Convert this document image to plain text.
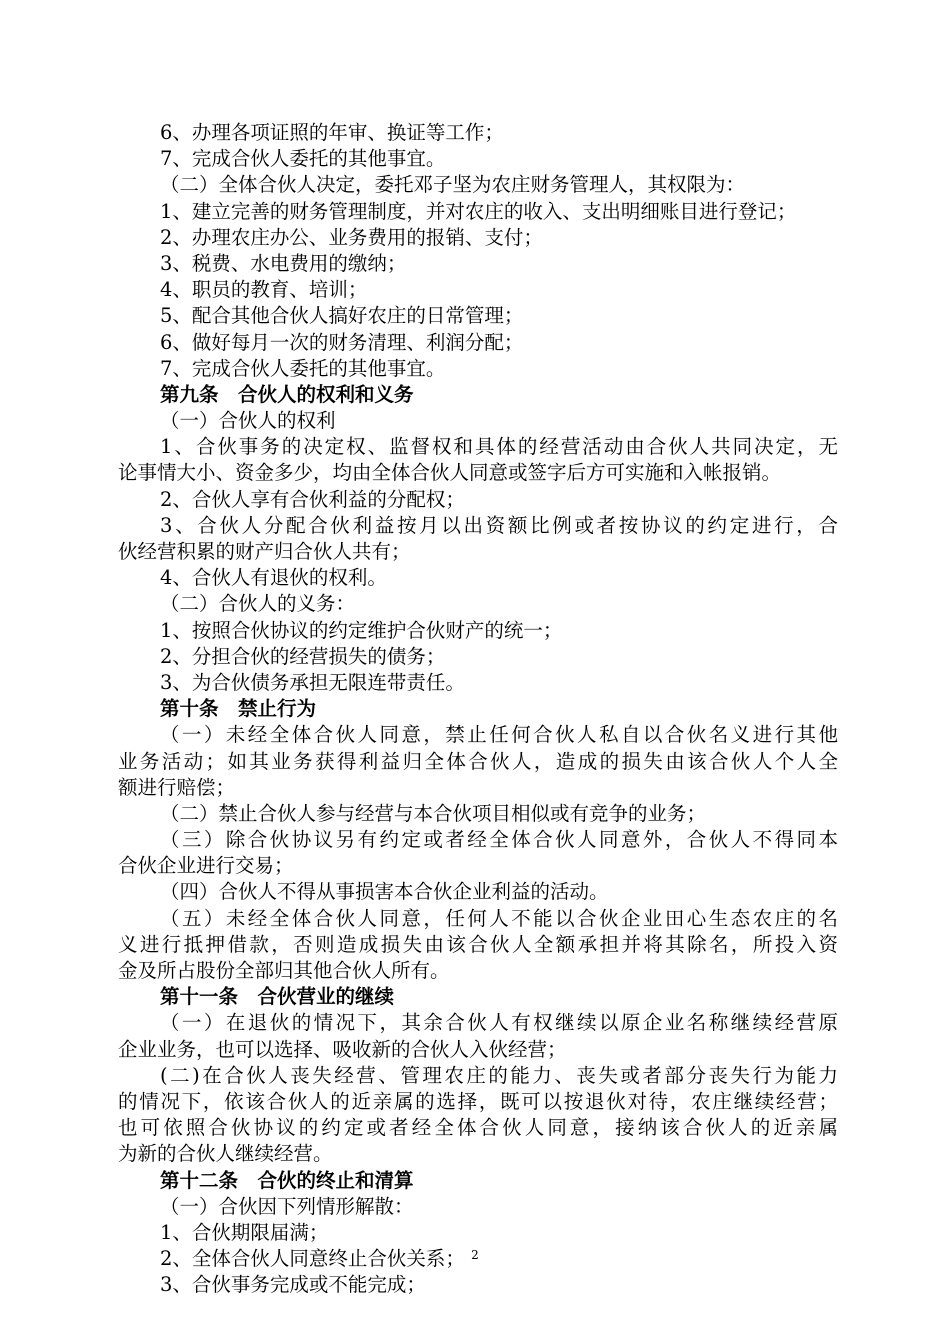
6、办理各项证照的年审、换证等工作；
7、完成合伙人委托的其他事宜。
（二）全体合伙人决定，委托邓子坚为农庄财务管理人，其权限为：
1、建立完善的财务管理制度，并对农庄的收入、支出明细账目进行登记；
2、办理农庄办公、业务费用的报销、支付；
3、税费、水电费用的缴纳；
4、职员的教育、培训；
5、配合其他合伙人搞好农庄的日常管理；
6、做好每月一次的财务清理、利润分配；
7、完成合伙人委托的其他事宜。
第九条　合伙人的权利和义务
（一）合伙人的权利
1、合伙事务的决定权、监督权和具体的经营活动由合伙人共同决定，无
论事情大小、资金多少，均由全体合伙人同意或签字后方可实施和入帐报销。
2、合伙人享有合伙利益的分配权；
3、合伙人分配合伙利益按月以出资额比例或者按协议的约定进行，合
伙经营积累的财产归合伙人共有；
4、合伙人有退伙的权利。
（二）合伙人的义务：
1、按照合伙协议的约定维护合伙财产的统一；
2、分担合伙的经营损失的债务；
3、为合伙债务承担无限连带责任。
第十条　禁止行为
（一）未经全体合伙人同意，禁止任何合伙人私自以合伙名义进行其他
业务活动；如其业务获得利益归全体合伙人，造成的损失由该合伙人个人全
额进行赔偿；
（二）禁止合伙人参与经营与本合伙项目相似或有竞争的业务；
（三）除合伙协议另有约定或者经全体合伙人同意外，合伙人不得同本
合伙企业进行交易；
（四）合伙人不得从事损害本合伙企业利益的活动。
（五）未经全体合伙人同意，任何人不能以合伙企业田心生态农庄的名
义进行抵押借款，否则造成损失由该合伙人全额承担并将其除名，所投入资
金及所占股份全部归其他合伙人所有。
第十一条　合伙营业的继续
（一）在退伙的情况下，其余合伙人有权继续以原企业名称继续经营原
企业业务，也可以选择、吸收新的合伙人入伙经营；
(二)在合伙人丧失经营、管理农庄的能力、丧失或者部分丧失行为能力
的情况下，依该合伙人的近亲属的选择，既可以按退伙对待，农庄继续经营；
也可依照合伙协议的约定或者经全体合伙人同意，接纳该合伙人的近亲属
为新的合伙人继续经营。
第十二条　合伙的终止和清算
（一）合伙因下列情形解散：
1、合伙期限届满；
2、全体合伙人同意终止合伙关系；
3、合伙事务完成或不能完成；
2
